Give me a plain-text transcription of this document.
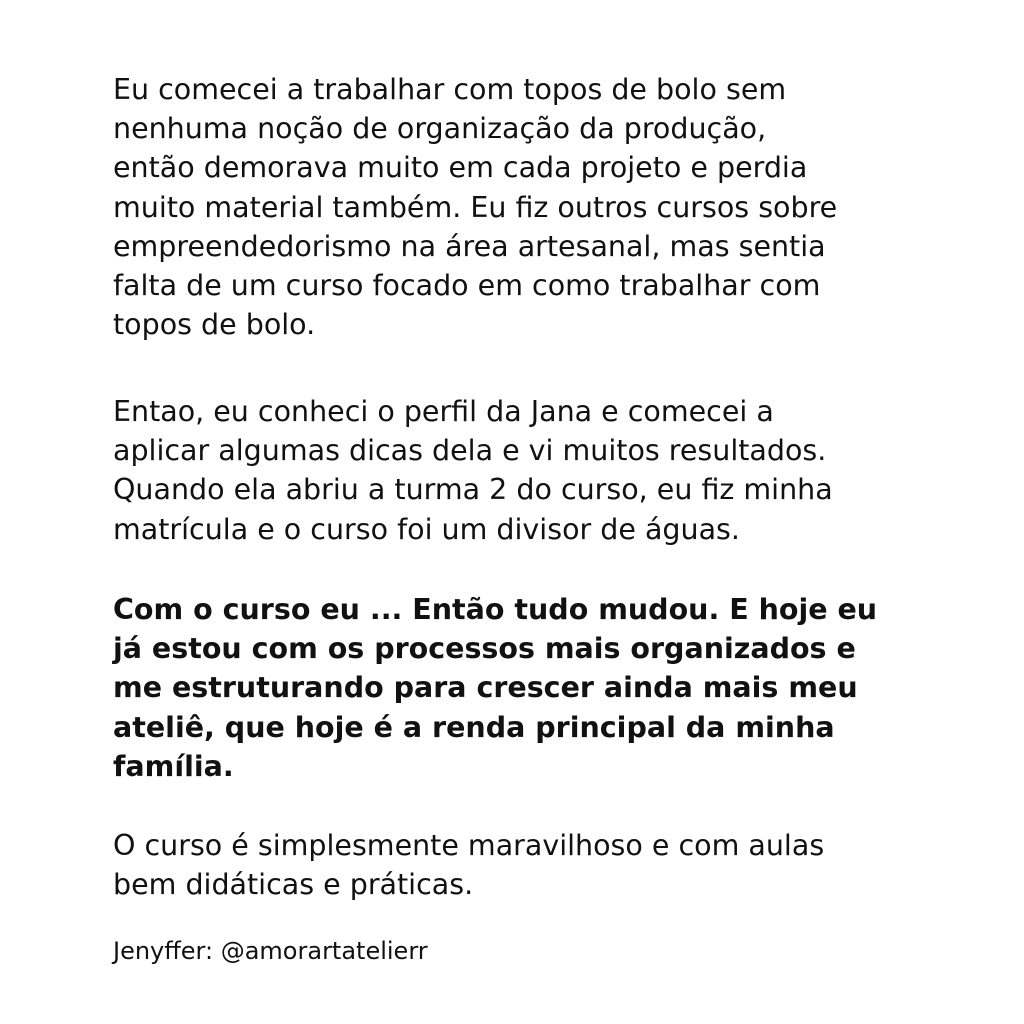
Eu comecei a trabalhar com topos de bolo sem
nenhuma noção de organização da produção,
então demorava muito em cada projeto e perdia
muito material também. Eu fiz outros cursos sobre
empreendedorismo na área artesanal, mas sentia
falta de um curso focado em como trabalhar com
topos de bolo.

Entao, eu conheci o perfil da Jana e comecei a
aplicar algumas dicas dela e vi muitos resultados.
Quando ela abriu a turma 2 do curso, eu fiz minha
matrícula e o curso foi um divisor de águas.

Com o curso eu ... Então tudo mudou. E hoje eu
já estou com os processos mais organizados e
me estruturando para crescer ainda mais meu
ateliê, que hoje é a renda principal da minha
família.

O curso é simplesmente maravilhoso e com aulas
bem didáticas e práticas.

Jenyffer: @amorartatelierr
